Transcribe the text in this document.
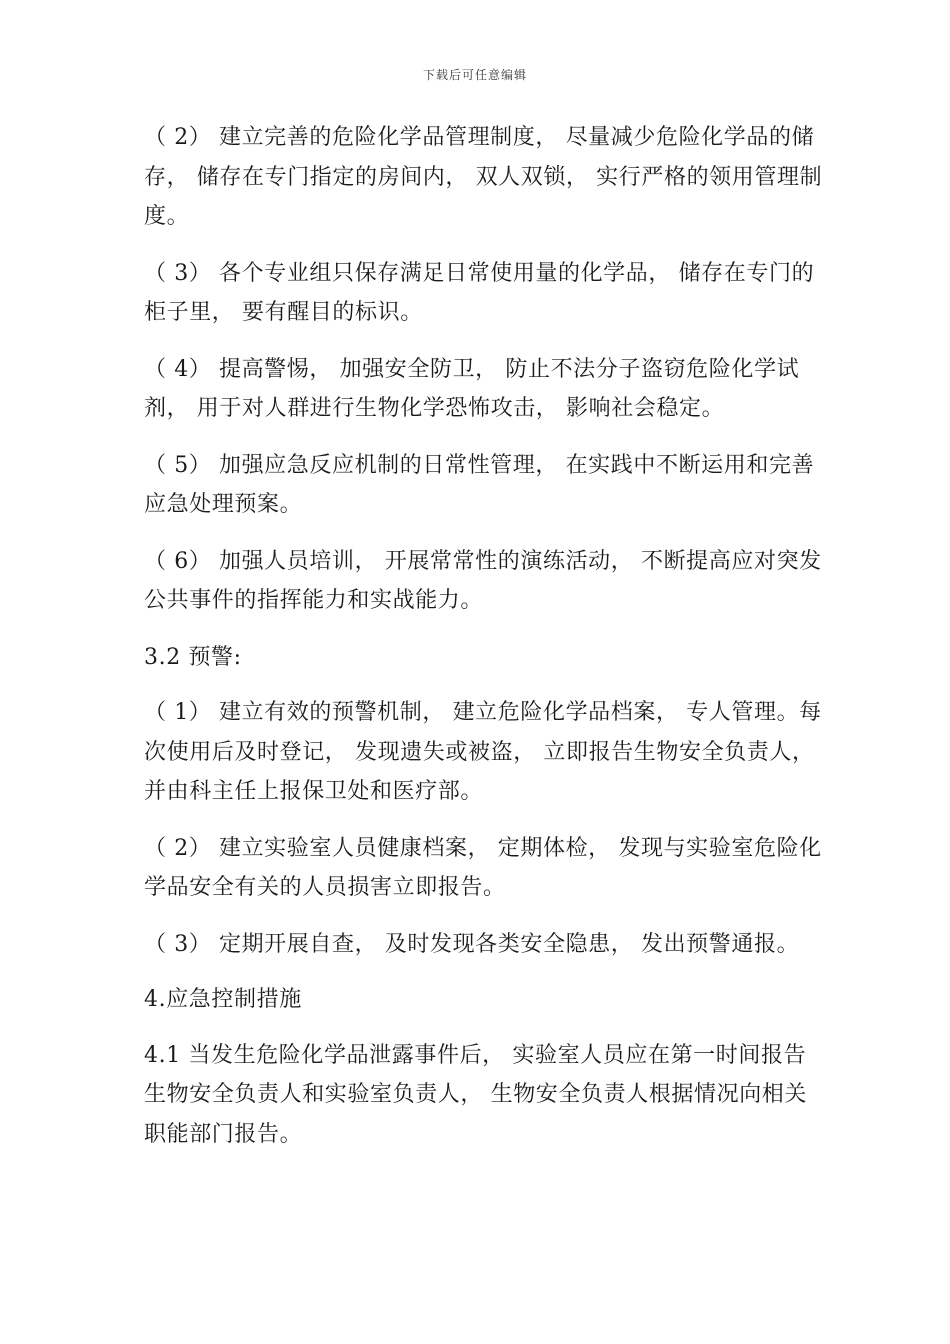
下载后可任意编辑

（ 2） 建立完善的危险化学品管理制度， 尽量减少危险化学品的储存， 储存在专门指定的房间内， 双人双锁， 实行严格的领用管理制度。

（ 3） 各个专业组只保存满足日常使用量的化学品， 储存在专门的柜子里， 要有醒目的标识。

（ 4） 提高警惕， 加强安全防卫， 防止不法分子盗窃危险化学试剂， 用于对人群进行生物化学恐怖攻击， 影响社会稳定。

（ 5） 加强应急反应机制的日常性管理， 在实践中不断运用和完善应急处理预案。

（ 6） 加强人员培训， 开展常常性的演练活动， 不断提高应对突发公共事件的指挥能力和实战能力。

3.2 预警:

（ 1） 建立有效的预警机制， 建立危险化学品档案， 专人管理。每次使用后及时登记， 发现遗失或被盗， 立即报告生物安全负责人， 并由科主任上报保卫处和医疗部。

（ 2） 建立实验室人员健康档案， 定期体检， 发现与实验室危险化学品安全有关的人员损害立即报告。

（ 3） 定期开展自查， 及时发现各类安全隐患， 发出预警通报。

4.应急控制措施

4.1 当发生危险化学品泄露事件后， 实验室人员应在第一时间报告生物安全负责人和实验室负责人， 生物安全负责人根据情况向相关职能部门报告。
